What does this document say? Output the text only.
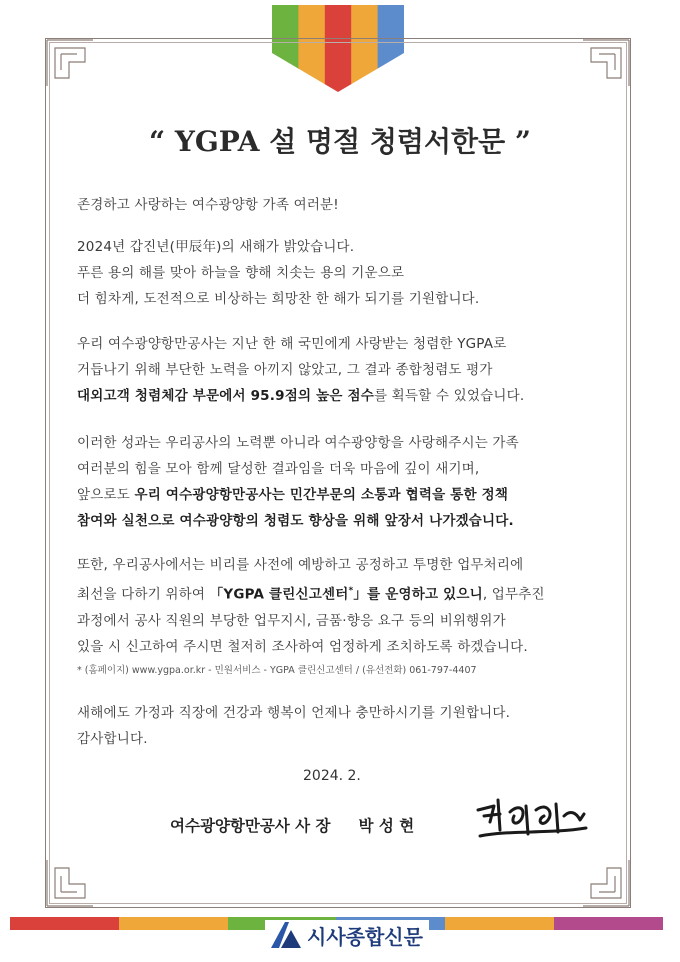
“ YGPA 설 명절 청렴서한문 ”
존경하고 사랑하는 여수광양항 가족 여러분!
2024년 갑진년(甲辰年)의 새해가 밝았습니다.
푸른 용의 해를 맞아 하늘을 향해 치솟는 용의 기운으로
더 힘차게, 도전적으로 비상하는 희망찬 한 해가 되기를 기원합니다.
우리 여수광양항만공사는 지난 한 해 국민에게 사랑받는 청렴한 YGPA로
거듭나기 위해 부단한 노력을 아끼지 않았고, 그 결과 종합청렴도 평가
대외고객 청렴체감 부문에서 95.9점의 높은 점수를 획득할 수 있었습니다.
이러한 성과는 우리공사의 노력뿐 아니라 여수광양항을 사랑해주시는 가족
여러분의 힘을 모아 함께 달성한 결과임을 더욱 마음에 깊이 새기며,
앞으로도 우리 여수광양항만공사는 민간부문의 소통과 협력을 통한 정책
참여와 실천으로 여수광양항의 청렴도 향상을 위해 앞장서 나가겠습니다.
또한, 우리공사에서는 비리를 사전에 예방하고 공정하고 투명한 업무처리에
최선을 다하기 위하여 「YGPA 클린신고센터*」를 운영하고 있으니, 업무추진
과정에서 공사 직원의 부당한 업무지시, 금품·향응 요구 등의 비위행위가
있을 시 신고하여 주시면 철저히 조사하여 엄정하게 조치하도록 하겠습니다.
* (홈페이지) www.ygpa.or.kr - 민원서비스 - YGPA 클린신고센터 / (유선전화) 061-797-4407
새해에도 가정과 직장에 건강과 행복이 언제나 충만하시기를 기원합니다.
감사합니다.
2024. 2.
여수광양항만공사 사 장 박 성 현
시사종합신문
